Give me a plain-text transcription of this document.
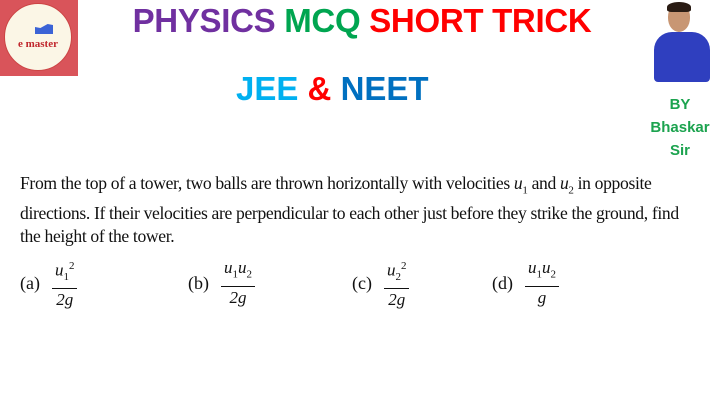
e master
PHYSICS MCQ SHORT TRICK
JEE & NEET	BY
Bhaskar
Sir
From the top of a tower, two balls are thrown horizontally with velocities $u_1$ and $u_2$ in opposite directions. If their velocities are perpendicular to each other just before they strike the ground, find the height of the tower.
$(a) \frac{u_1^2}{2g}$	$(b) \frac{u_1u_2}{2g}$	$(c) \frac{u_2^2}{2g}$	$(d) \frac{u_1u_2}{g}$
